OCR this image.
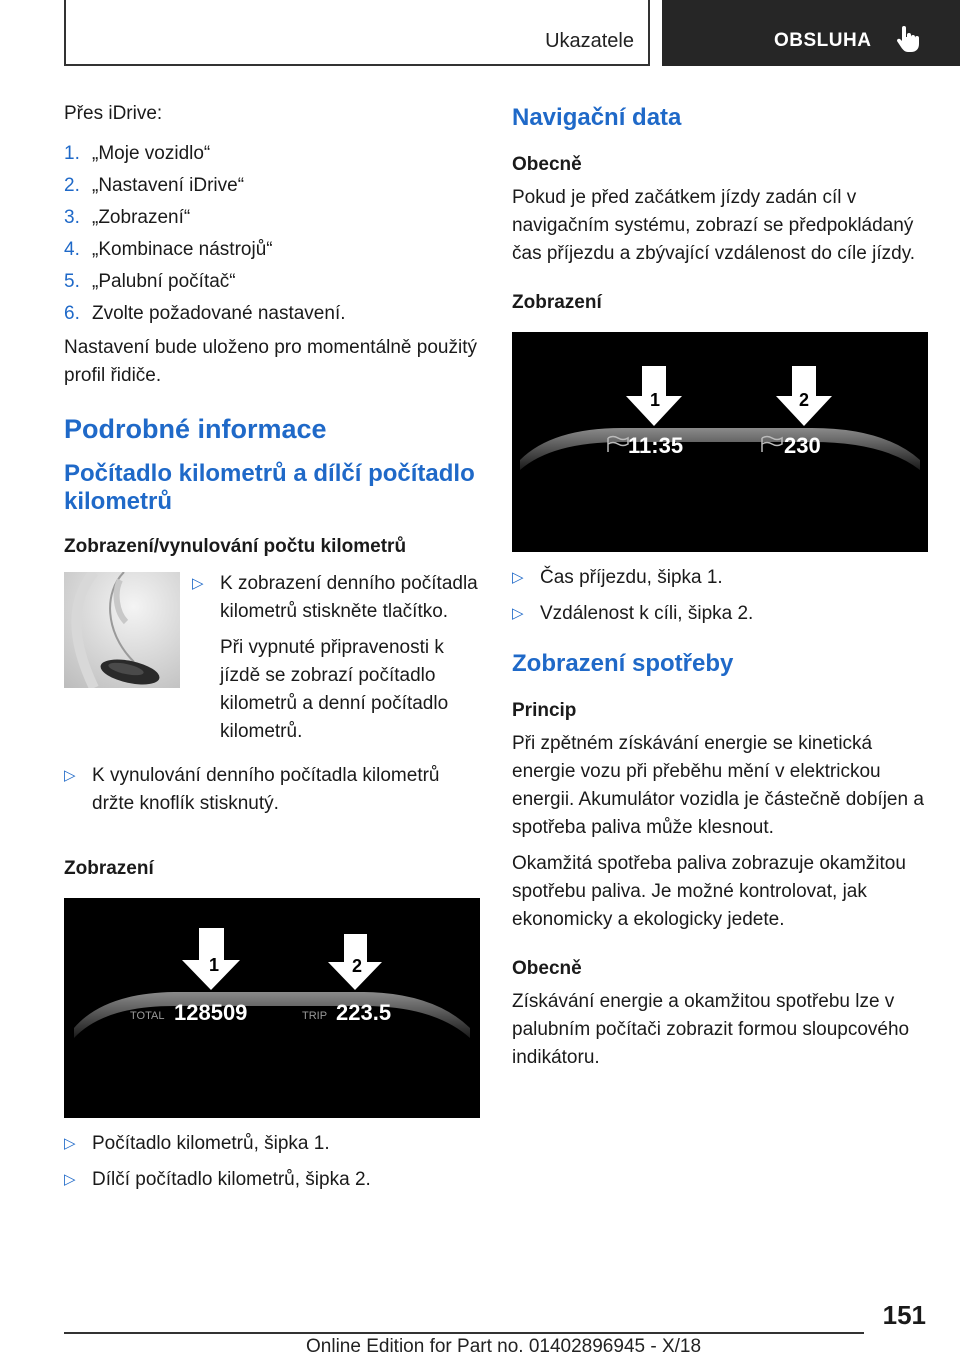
Ukazatele	OBSLUHA

Přes iDrive:

1. „Moje vozidlo“
2. „Nastavení iDrive“
3. „Zobrazení“
4. „Kombinace nástrojů“
5. „Palubní počítač“
6. Zvolte požadované nastavení.

Nastavení bude uloženo pro momentálně použitý profil řidiče.

Podrobné informace
Počítadlo kilometrů a dílčí počítadlo kilometrů
Zobrazení/vynulování počtu kilometrů
▷ K zobrazení denního počítadla kilometrů stiskněte tlačítko.

Při vypnuté připravenosti k jízdě se zobrazí počítadlo kilometrů a denní počítadlo kilometrů.

▷ K vynulování denního počítadla kilometrů držte knoflík stisknutý.

Zobrazení
1	2
TOTAL 128509	TRIP 223.5
▷ Počítadlo kilometrů, šipka 1.
▷ Dílčí počítadlo kilometrů, šipka 2.
Navigační data
Obecně

Pokud je před začátkem jízdy zadán cíl v navigačním systému, zobrazí se předpokládaný čas příjezdu a zbývající vzdálenost do cíle jízdy.

Zobrazení
1	2
11:35	230
▷ Čas příjezdu, šipka 1.
▷ Vzdálenost k cíli, šipka 2.
Zobrazení spotřeby
Princip

Při zpětném získávání energie se kinetická energie vozu při přeběhu mění v elektrickou energii. Akumulátor vozidla je částečně dobíjen a spotřeba paliva může klesnout.

Okamžitá spotřeba paliva zobrazuje okamžitou spotřebu paliva. Je možné kontrolovat, jak ekonomicky a ekologicky jedete.

Obecně

Získávání energie a okamžitou spotřebu lze v palubním počítači zobrazit formou sloupcového indikátoru.

151
Online Edition for Part no. 01402896945 - X/18
